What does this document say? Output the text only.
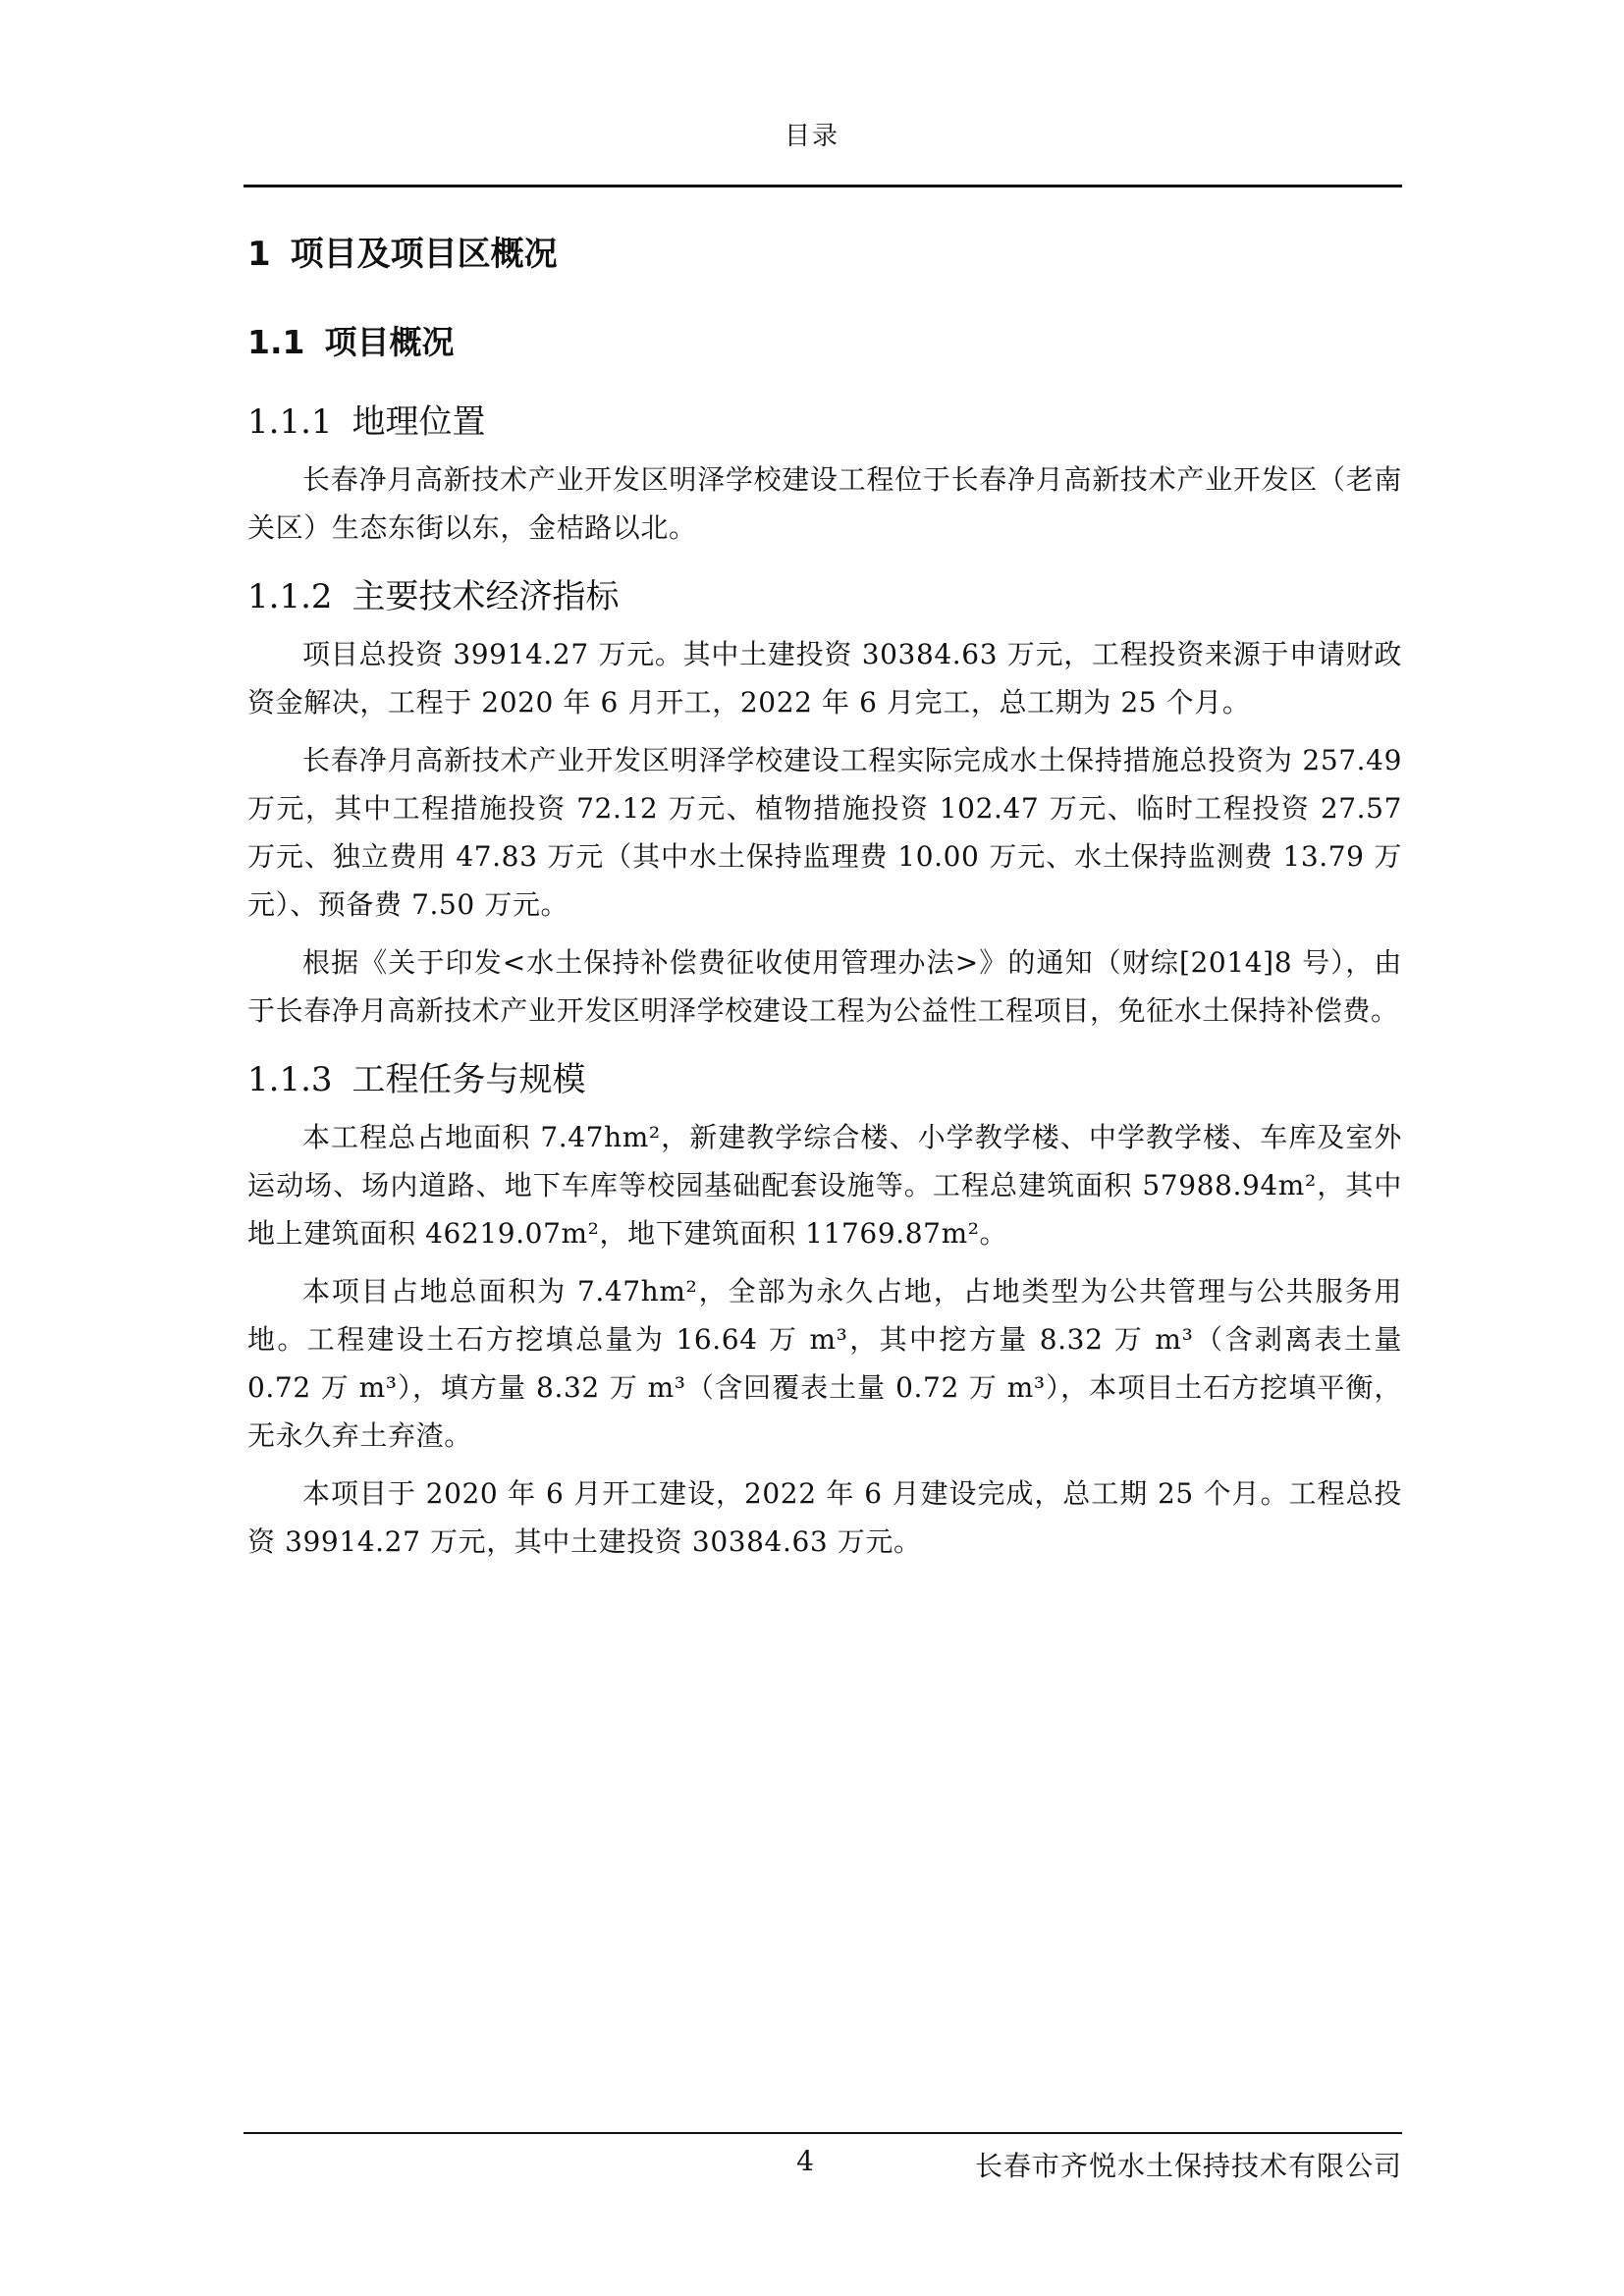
目录
1 项目及项目区概况
1.1 项目概况
1.1.1 地理位置

长春净月高新技术产业开发区明泽学校建设工程位于长春净月高新技术产业开发区（老南关区）生态东街以东，金桔路以北。

1.1.2 主要技术经济指标

项目总投资 39914.27 万元。其中土建投资 30384.63 万元，工程投资来源于申请财政资金解决，工程于 2020 年 6 月开工，2022 年 6 月完工，总工期为 25 个月。

长春净月高新技术产业开发区明泽学校建设工程实际完成水土保持措施总投资为 257.49 万元，其中工程措施投资 72.12 万元、植物措施投资 102.47 万元、临时工程投资 27.57 万元、独立费用 47.83 万元（其中水土保持监理费 10.00 万元、水土保持监测费 13.79 万元）、预备费 7.50 万元。

根据《关于印发<水土保持补偿费征收使用管理办法>》的通知（财综[2014]8 号），由于长春净月高新技术产业开发区明泽学校建设工程为公益性工程项目，免征水土保持补偿费。

1.1.3 工程任务与规模

本工程总占地面积 7.47hm²，新建教学综合楼、小学教学楼、中学教学楼、车库及室外运动场、场内道路、地下车库等校园基础配套设施等。工程总建筑面积 57988.94m²，其中地上建筑面积 46219.07m²，地下建筑面积 11769.87m²。

本项目占地总面积为 7.47hm²，全部为永久占地，占地类型为公共管理与公共服务用地。工程建设土石方挖填总量为 16.64 万 m³，其中挖方量 8.32 万 m³（含剥离表土量 0.72 万 m³），填方量 8.32 万 m³（含回覆表土量 0.72 万 m³），本项目土石方挖填平衡，无永久弃土弃渣。

本项目于 2020 年 6 月开工建设，2022 年 6 月建设完成，总工期 25 个月。工程总投资 39914.27 万元，其中土建投资 30384.63 万元。

4	长春市齐悦水土保持技术有限公司
